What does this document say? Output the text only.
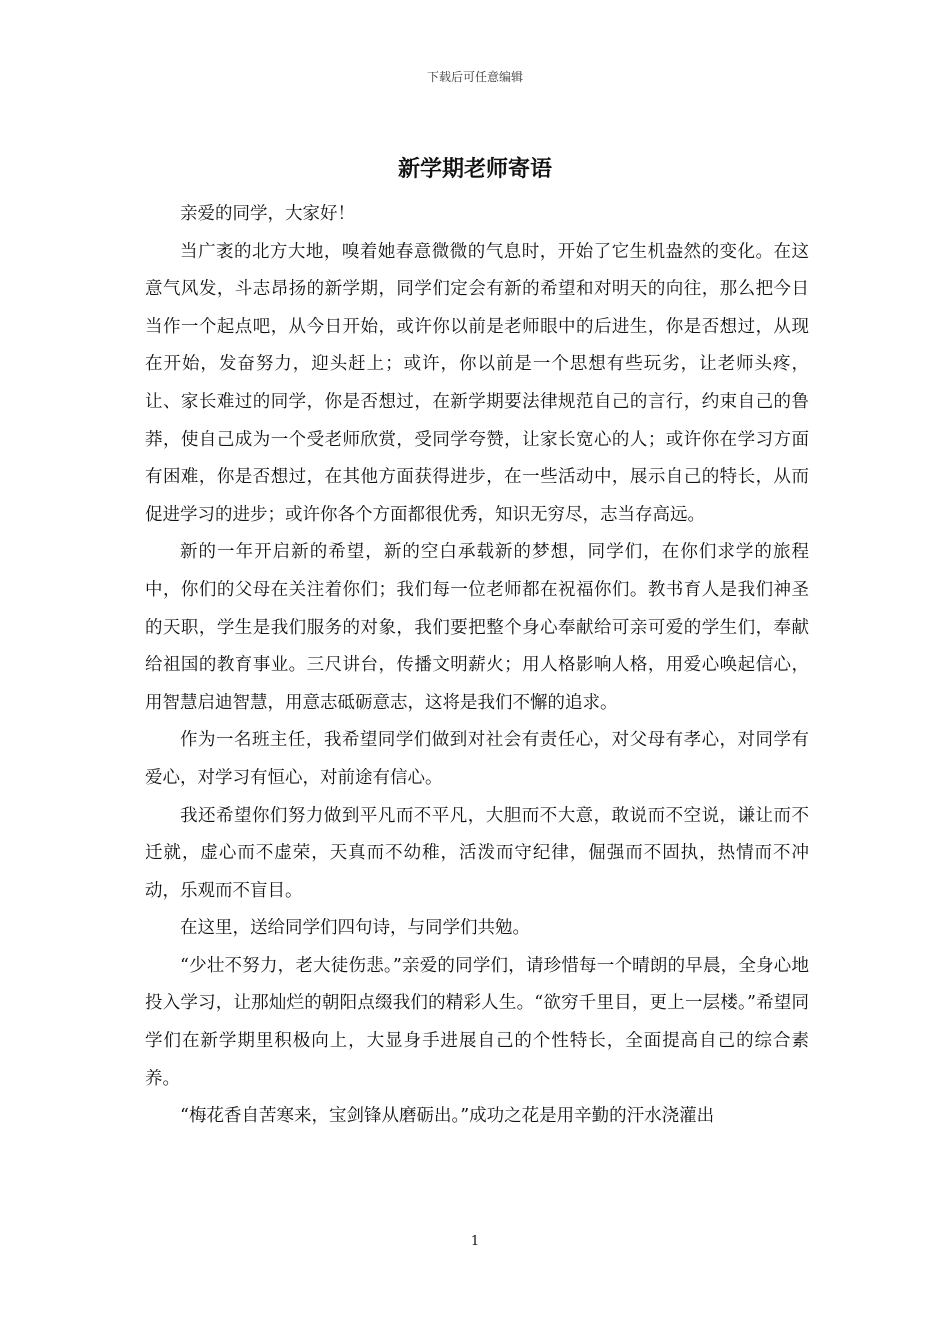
下载后可任意编辑
新学期老师寄语

亲爱的同学，大家好！

当广袤的北方大地，嗅着她春意微微的气息时，开始了它生机盎然的变化。在这意气风发，斗志昂扬的新学期，同学们定会有新的希望和对明天的向往，那么把今日当作一个起点吧，从今日开始，或许你以前是老师眼中的后进生，你是否想过，从现在开始，发奋努力，迎头赶上；或许，你以前是一个思想有些玩劣，让老师头疼，让、家长难过的同学，你是否想过，在新学期要法律规范自己的言行，约束自己的鲁莽，使自己成为一个受老师欣赏，受同学夸赞，让家长宽心的人；或许你在学习方面有困难，你是否想过，在其他方面获得进步，在一些活动中，展示自己的特长，从而促进学习的进步；或许你各个方面都很优秀，知识无穷尽，志当存高远。

新的一年开启新的希望，新的空白承载新的梦想，同学们，在你们求学的旅程中，你们的父母在关注着你们；我们每一位老师都在祝福你们。教书育人是我们神圣的天职，学生是我们服务的对象，我们要把整个身心奉献给可亲可爱的学生们，奉献给祖国的教育事业。三尺讲台，传播文明薪火；用人格影响人格，用爱心唤起信心，用智慧启迪智慧，用意志砥砺意志，这将是我们不懈的追求。

作为一名班主任，我希望同学们做到对社会有责任心，对父母有孝心，对同学有爱心，对学习有恒心，对前途有信心。

我还希望你们努力做到平凡而不平凡，大胆而不大意，敢说而不空说，谦让而不迁就，虚心而不虚荣，天真而不幼稚，活泼而守纪律，倔强而不固执，热情而不冲动，乐观而不盲目。

在这里，送给同学们四句诗，与同学们共勉。

“少壮不努力，老大徒伤悲。”亲爱的同学们，请珍惜每一个晴朗的早晨，全身心地投入学习，让那灿烂的朝阳点缀我们的精彩人生。“欲穷千里目，更上一层楼。”希望同学们在新学期里积极向上，大显身手进展自己的个性特长，全面提高自己的综合素养。

“梅花香自苦寒来，宝剑锋从磨砺出。”成功之花是用辛勤的汗水浇灌出

1
